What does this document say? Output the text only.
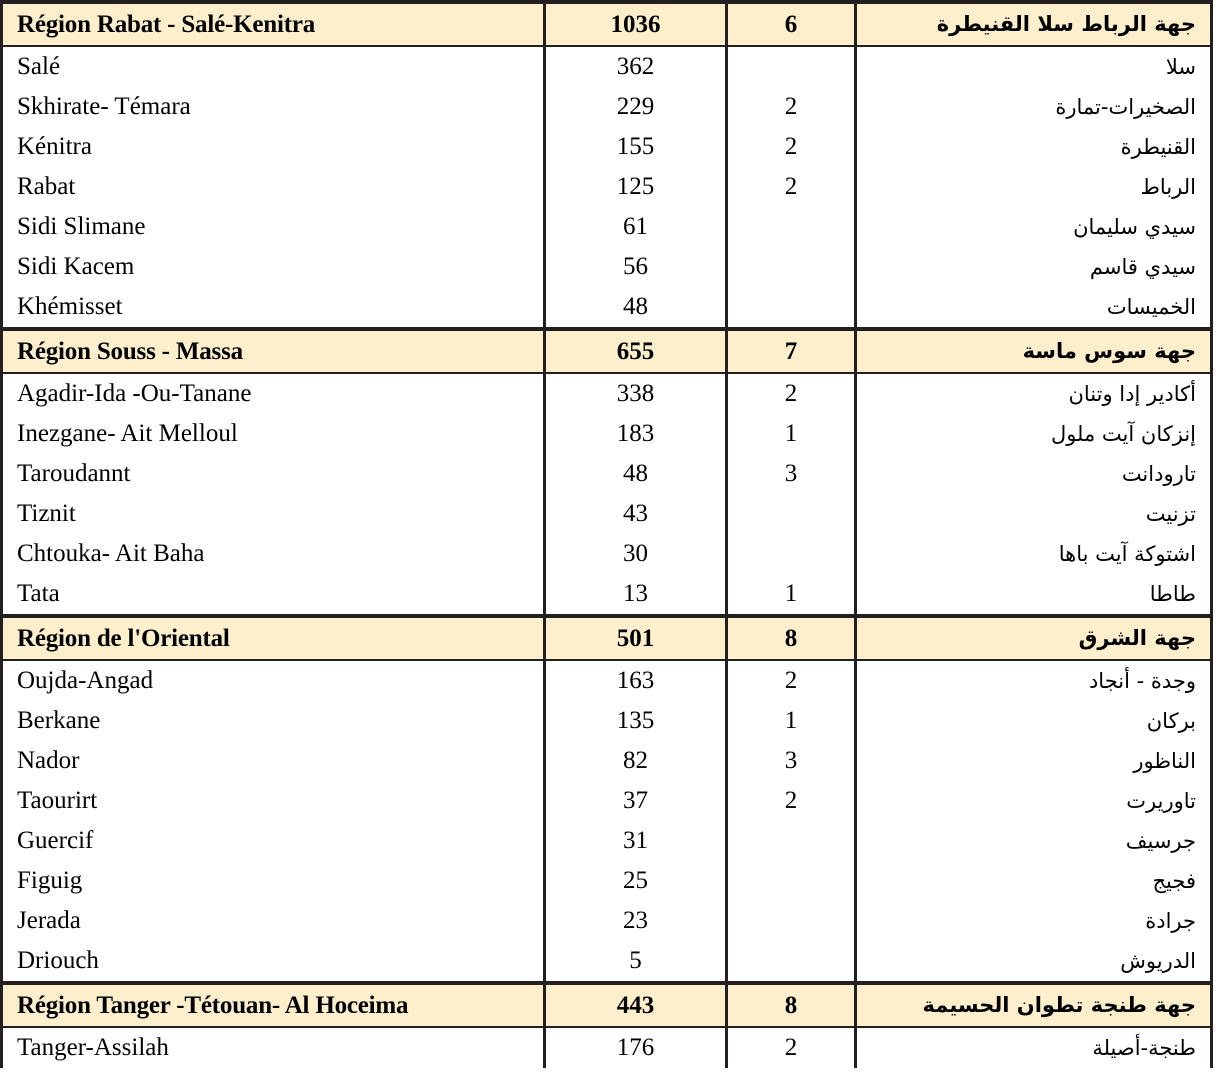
Région Rabat - Salé-Kenitra	1036	6	جهة الرباط سلا القنيطرة
Salé	362		سلا
Skhirate- Témara	229	2	الصخيرات-تمارة
Kénitra	155	2	القنيطرة
Rabat	125	2	الرباط
Sidi Slimane	61		سيدي سليمان
Sidi Kacem	56		سيدي قاسم
Khémisset	48		الخميسات
Région Souss - Massa	655	7	جهة سوس ماسة
Agadir-Ida -Ou-Tanane	338	2	أكادير إدا وتنان
Inezgane- Ait Melloul	183	1	إنزكان آيت ملول
Taroudannt	48	3	تارودانت
Tiznit	43		تزنيت
Chtouka- Ait Baha	30		اشتوكة آيت باها
Tata	13	1	طاطا
Région de l'Oriental	501	8	جهة الشرق
Oujda-Angad	163	2	وجدة - أنجاد
Berkane	135	1	بركان
Nador	82	3	الناظور
Taourirt	37	2	تاوريرت
Guercif	31		جرسيف
Figuig	25		فجيج
Jerada	23		جرادة
Driouch	5		الدريوش
Région Tanger -Tétouan- Al Hoceima	443	8	جهة طنجة تطوان الحسيمة
Tanger-Assilah	176	2	طنجة-أصيلة
